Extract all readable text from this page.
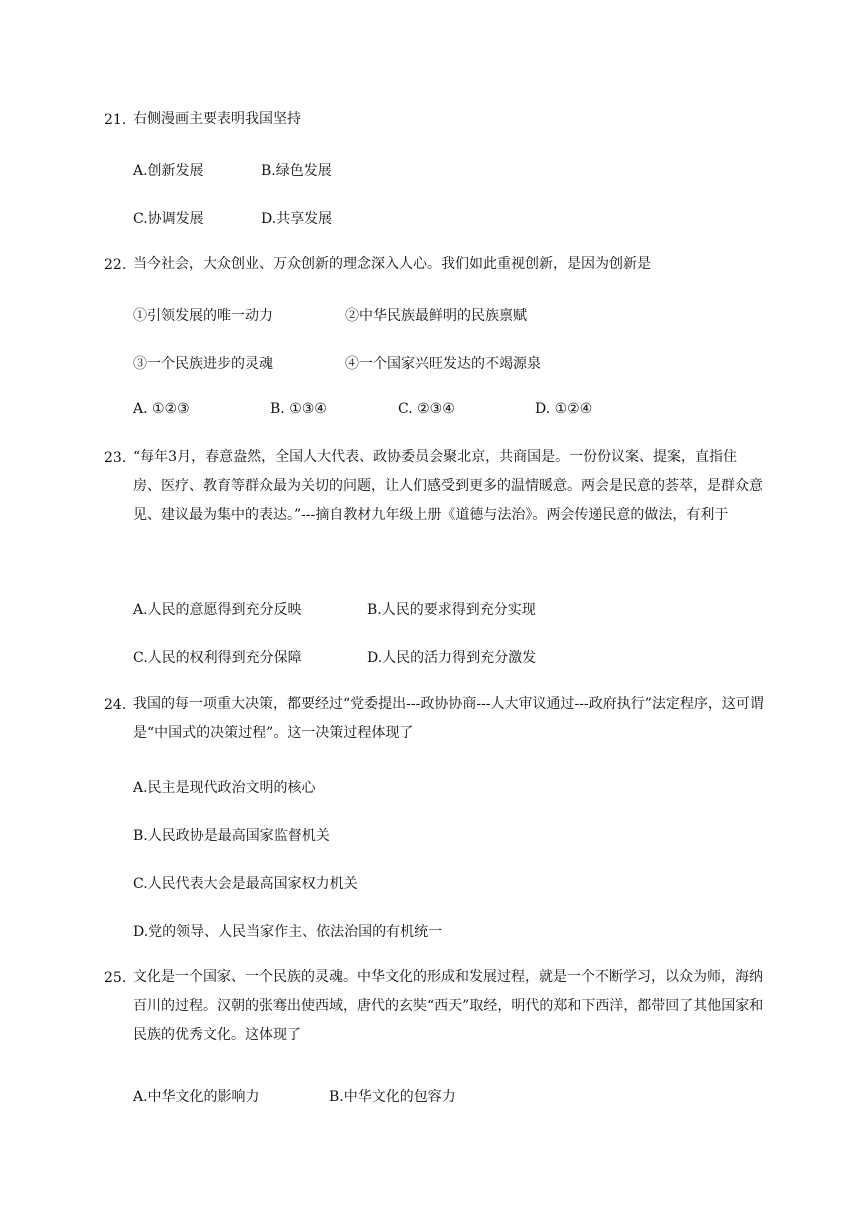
21. 右侧漫画主要表明我国坚持
A.创新发展	B.绿色发展
C.协调发展	D.共享发展
22. 当今社会，大众创业、万众创新的理念深入人心。我们如此重视创新，是因为创新是
①引领发展的唯一动力	②中华民族最鲜明的民族禀赋
③一个民族进步的灵魂	④一个国家兴旺发达的不竭源泉
A. ①②③	B. ①③④	C. ②③④	D. ①②④
23. “每年3月，春意盎然，全国人大代表、政协委员会聚北京，共商国是。一份份议案、提案，直指住房、医疗、教育等群众最为关切的问题，让人们感受到更多的温情暖意。两会是民意的荟萃，是群众意见、建议最为集中的表达。”---摘自教材九年级上册《道德与法治》。两会传递民意的做法，有利于
A.人民的意愿得到充分反映	B.人民的要求得到充分实现
C.人民的权利得到充分保障	D.人民的活力得到充分激发
24. 我国的每一项重大决策，都要经过“党委提出---政协协商---人大审议通过---政府执行”法定程序，这可谓是“中国式的决策过程”。这一决策过程体现了
A.民主是现代政治文明的核心
B.人民政协是最高国家监督机关
C.人民代表大会是最高国家权力机关
D.党的领导、人民当家作主、依法治国的有机统一
25. 文化是一个国家、一个民族的灵魂。中华文化的形成和发展过程，就是一个不断学习，以众为师，海纳百川的过程。汉朝的张骞出使西域，唐代的玄奘“西天”取经，明代的郑和下西洋，都带回了其他国家和民族的优秀文化。这体现了
A.中华文化的影响力	B.中华文化的包容力
